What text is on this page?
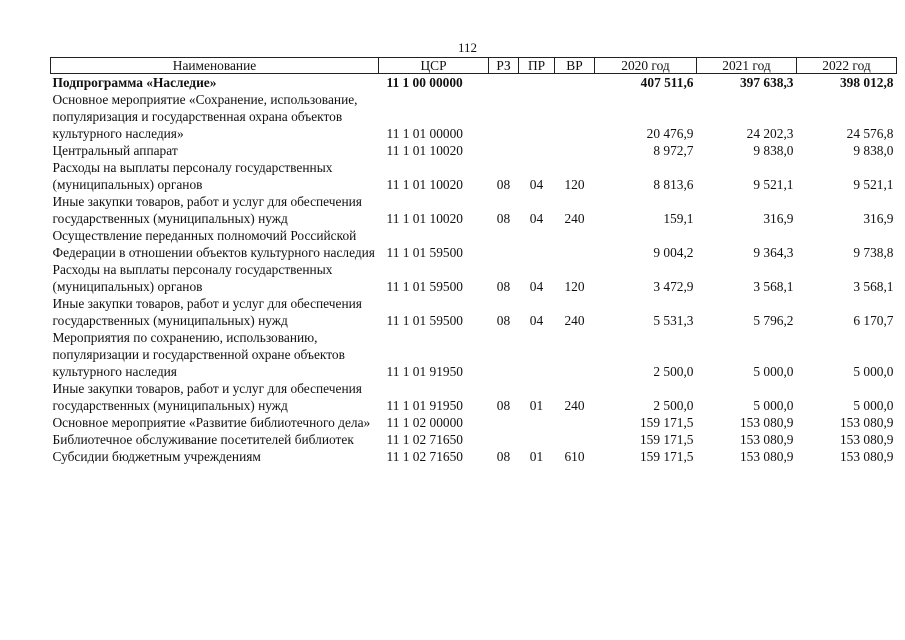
112
Наименование	ЦСР	РЗ	ПР	ВР	2020 год	2021 год	2022 год
Подпрограмма «Наследие»	11 1 00 00000				407 511,6	397 638,3	398 012,8
Основное мероприятие «Сохранение, использование, популяризация и государственная охрана объектов культурного наследия»	11 1 01 00000				20 476,9	24 202,3	24 576,8
Центральный аппарат	11 1 01 10020				8 972,7	9 838,0	9 838,0
Расходы на выплаты персоналу государственных (муниципальных) органов	11 1 01 10020	08	04	120	8 813,6	9 521,1	9 521,1
Иные закупки товаров, работ и услуг для обеспечения государственных (муниципальных) нужд	11 1 01 10020	08	04	240	159,1	316,9	316,9
Осуществление переданных полномочий Российской Федерации в отношении объектов культурного наследия	11 1 01 59500				9 004,2	9 364,3	9 738,8
Расходы на выплаты персоналу государственных (муниципальных) органов	11 1 01 59500	08	04	120	3 472,9	3 568,1	3 568,1
Иные закупки товаров, работ и услуг для обеспечения государственных (муниципальных) нужд	11 1 01 59500	08	04	240	5 531,3	5 796,2	6 170,7
Мероприятия по сохранению, использованию, популяризации и государственной охране объектов культурного наследия	11 1 01 91950				2 500,0	5 000,0	5 000,0
Иные закупки товаров, работ и услуг для обеспечения государственных (муниципальных) нужд	11 1 01 91950	08	01	240	2 500,0	5 000,0	5 000,0
Основное мероприятие «Развитие библиотечного дела»	11 1 02 00000				159 171,5	153 080,9	153 080,9
Библиотечное обслуживание посетителей библиотек	11 1 02 71650				159 171,5	153 080,9	153 080,9
Субсидии бюджетным учреждениям	11 1 02 71650	08	01	610	159 171,5	153 080,9	153 080,9
